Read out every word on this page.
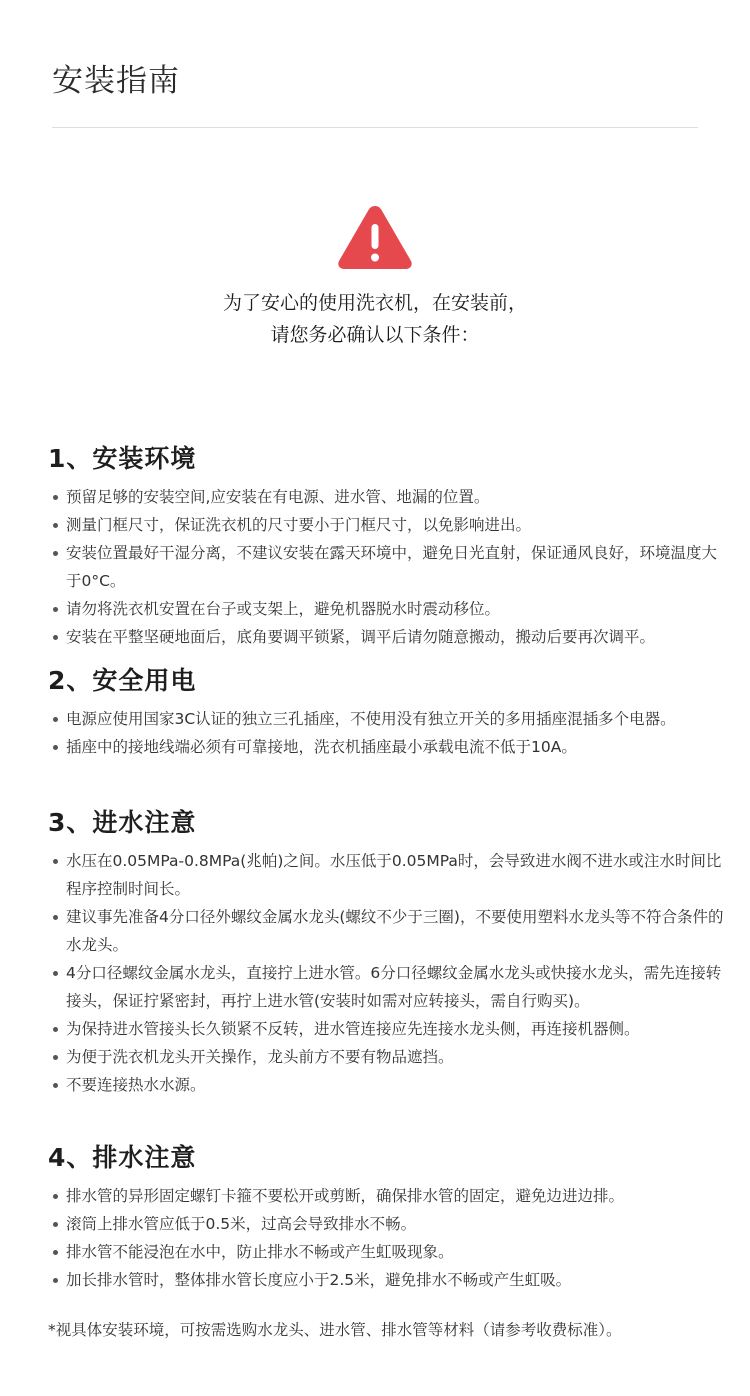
安装指南
为了安心的使用洗衣机，在安装前，
请您务必确认以下条件：
1、安装环境
预留足够的安装空间,应安装在有电源、进水管、地漏的位置。
测量门框尺寸，保证洗衣机的尺寸要小于门框尺寸，以免影响进出。
安装位置最好干湿分离，不建议安装在露天环境中，避免日光直射，保证通风良好，环境温度大于0°C。
请勿将洗衣机安置在台子或支架上，避免机器脱水时震动移位。
安装在平整坚硬地面后，底角要调平锁紧，调平后请勿随意搬动，搬动后要再次调平。
2、安全用电
电源应使用国家3C认证的独立三孔插座，不使用没有独立开关的多用插座混插多个电器。
插座中的接地线端必须有可靠接地，洗衣机插座最小承载电流不低于10A。
3、进水注意
水压在0.05MPa-0.8MPa(兆帕)之间。水压低于0.05MPa时，会导致进水阀不进水或注水时间比程序控制时间长。
建议事先准备4分口径外螺纹金属水龙头(螺纹不少于三圈)，不要使用塑料水龙头等不符合条件的水龙头。
4分口径螺纹金属水龙头，直接拧上进水管。6分口径螺纹金属水龙头或快接水龙头，需先连接转接头，保证拧紧密封，再拧上进水管(安装时如需对应转接头，需自行购买)。
为保持进水管接头长久锁紧不反转，进水管连接应先连接水龙头侧，再连接机器侧。
为便于洗衣机龙头开关操作，龙头前方不要有物品遮挡。
不要连接热水水源。
4、排水注意
排水管的异形固定螺钉卡箍不要松开或剪断，确保排水管的固定，避免边进边排。
滚筒上排水管应低于0.5米，过高会导致排水不畅。
排水管不能浸泡在水中，防止排水不畅或产生虹吸现象。
加长排水管时，整体排水管长度应小于2.5米，避免排水不畅或产生虹吸。
*视具体安装环境，可按需选购水龙头、进水管、排水管等材料（请参考收费标准）。
